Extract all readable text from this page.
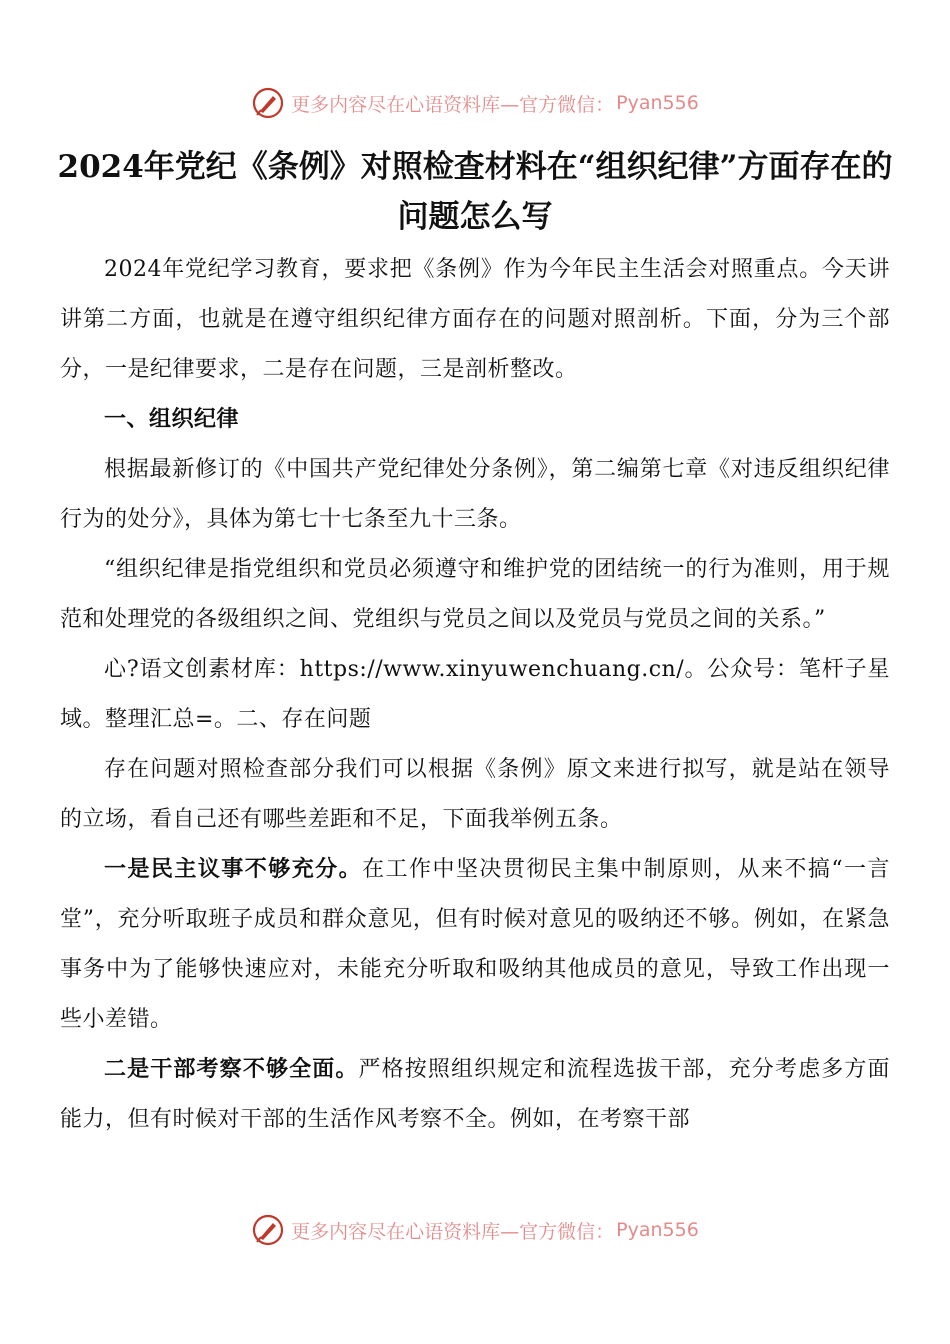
更多内容尽在心语资料库—官方微信： Pyan556
2024年党纪《条例》对照检查材料在“组织纪律”方面存在的问题怎么写

2024年党纪学习教育，要求把《条例》作为今年民主生活会对照重点。今天讲讲第二方面，也就是在遵守组织纪律方面存在的问题对照剖析。下面，分为三个部分，一是纪律要求，二是存在问题，三是剖析整改。

一、组织纪律

根据最新修订的《中国共产党纪律处分条例》，第二编第七章《对违反组织纪律行为的处分》，具体为第七十七条至九十三条。

“组织纪律是指党组织和党员必须遵守和维护党的团结统一的行为准则，用于规范和处理党的各级组织之间、党组织与党员之间以及党员与党员之间的关系。”

心?语文创素材库：https://www.xinyuwenchuang.cn/。公众号：笔杆子星域。整理汇总=。二、存在问题

存在问题对照检查部分我们可以根据《条例》原文来进行拟写，就是站在领导的立场，看自己还有哪些差距和不足，下面我举例五条。

一是民主议事不够充分。在工作中坚决贯彻民主集中制原则，从来不搞“一言堂”，充分听取班子成员和群众意见，但有时候对意见的吸纳还不够。例如，在紧急事务中为了能够快速应对，未能充分听取和吸纳其他成员的意见，导致工作出现一些小差错。

二是干部考察不够全面。严格按照组织规定和流程选拔干部，充分考虑多方面能力，但有时候对干部的生活作风考察不全。例如，在考察干部

更多内容尽在心语资料库—官方微信： Pyan556
